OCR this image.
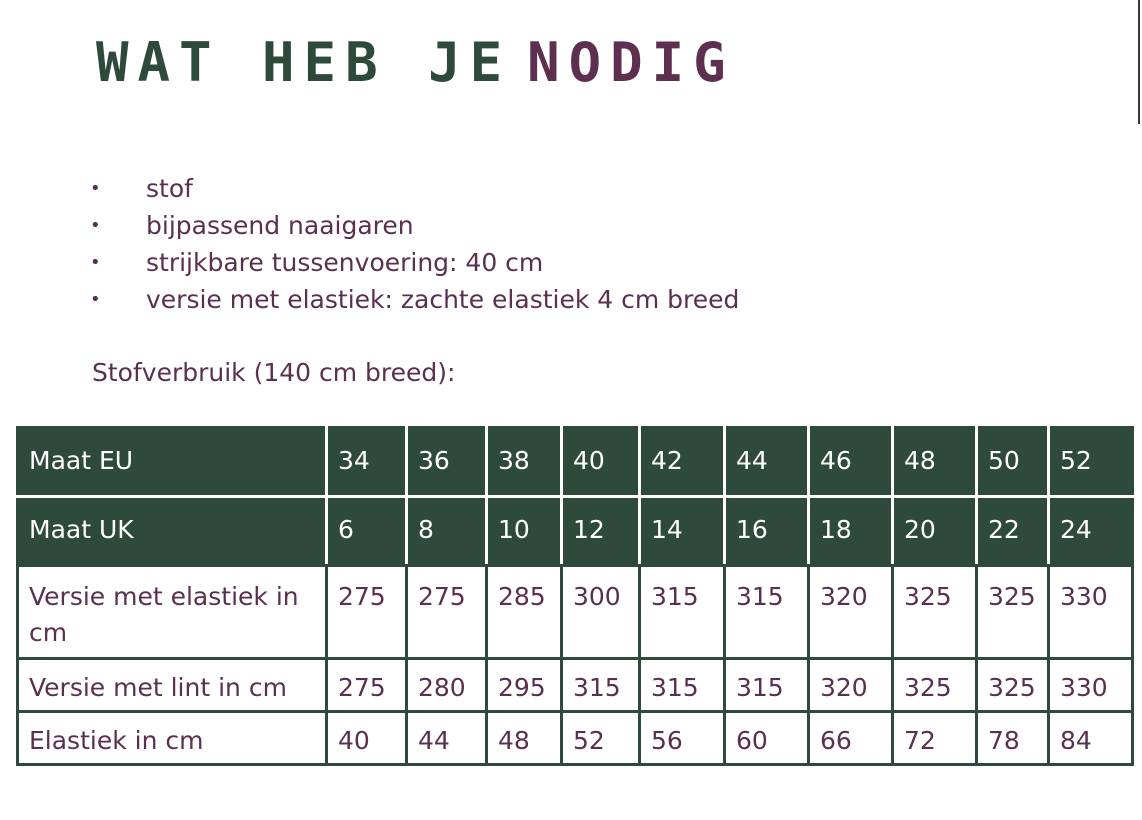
WAT HEB JE NODIG
• stof
• bijpassend naaigaren
• strijkbare tussenvoering: 40 cm
• versie met elastiek: zachte elastiek 4 cm breed

Stofverbruik (140 cm breed):

Maat EU	34	36	38	40	42	44	46	48	50	52
Maat UK	6	8	10	12	14	16	18	20	22	24
Versie met elastiek in cm	275	275	285	300	315	315	320	325	325	330
Versie met lint in cm	275	280	295	315	315	315	320	325	325	330
Elastiek in cm	40	44	48	52	56	60	66	72	78	84
